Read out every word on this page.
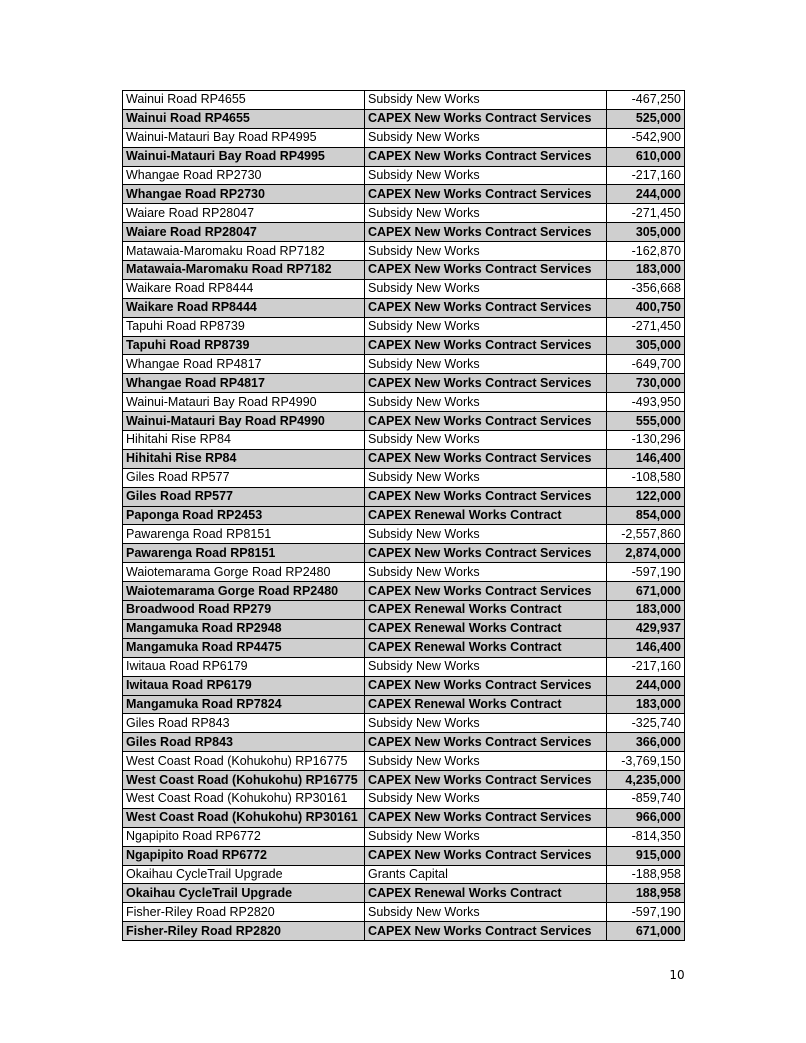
Wainui Road RP4655	Subsidy New Works	-467,250
Wainui Road RP4655	CAPEX New Works Contract Services	525,000
Wainui-Matauri Bay Road RP4995	Subsidy New Works	-542,900
Wainui-Matauri Bay Road RP4995	CAPEX New Works Contract Services	610,000
Whangae Road RP2730	Subsidy New Works	-217,160
Whangae Road RP2730	CAPEX New Works Contract Services	244,000
Waiare Road RP28047	Subsidy New Works	-271,450
Waiare Road RP28047	CAPEX New Works Contract Services	305,000
Matawaia-Maromaku Road RP7182	Subsidy New Works	-162,870
Matawaia-Maromaku Road RP7182	CAPEX New Works Contract Services	183,000
Waikare Road RP8444	Subsidy New Works	-356,668
Waikare Road RP8444	CAPEX New Works Contract Services	400,750
Tapuhi Road RP8739	Subsidy New Works	-271,450
Tapuhi Road RP8739	CAPEX New Works Contract Services	305,000
Whangae Road RP4817	Subsidy New Works	-649,700
Whangae Road RP4817	CAPEX New Works Contract Services	730,000
Wainui-Matauri Bay Road RP4990	Subsidy New Works	-493,950
Wainui-Matauri Bay Road RP4990	CAPEX New Works Contract Services	555,000
Hihitahi Rise RP84	Subsidy New Works	-130,296
Hihitahi Rise RP84	CAPEX New Works Contract Services	146,400
Giles Road RP577	Subsidy New Works	-108,580
Giles Road RP577	CAPEX New Works Contract Services	122,000
Paponga Road RP2453	CAPEX Renewal Works Contract	854,000
Pawarenga Road RP8151	Subsidy New Works	-2,557,860
Pawarenga Road RP8151	CAPEX New Works Contract Services	2,874,000
Waiotemarama Gorge Road RP2480	Subsidy New Works	-597,190
Waiotemarama Gorge Road RP2480	CAPEX New Works Contract Services	671,000
Broadwood Road RP279	CAPEX Renewal Works Contract	183,000
Mangamuka Road RP2948	CAPEX Renewal Works Contract	429,937
Mangamuka Road RP4475	CAPEX Renewal Works Contract	146,400
Iwitaua Road RP6179	Subsidy New Works	-217,160
Iwitaua Road RP6179	CAPEX New Works Contract Services	244,000
Mangamuka Road RP7824	CAPEX Renewal Works Contract	183,000
Giles Road RP843	Subsidy New Works	-325,740
Giles Road RP843	CAPEX New Works Contract Services	366,000
West Coast Road (Kohukohu) RP16775	Subsidy New Works	-3,769,150
West Coast Road (Kohukohu) RP16775	CAPEX New Works Contract Services	4,235,000
West Coast Road (Kohukohu) RP30161	Subsidy New Works	-859,740
West Coast Road (Kohukohu) RP30161	CAPEX New Works Contract Services	966,000
Ngapipito Road RP6772	Subsidy New Works	-814,350
Ngapipito Road RP6772	CAPEX New Works Contract Services	915,000
Okaihau CycleTrail Upgrade	Grants Capital	-188,958
Okaihau CycleTrail Upgrade	CAPEX Renewal Works Contract	188,958
Fisher-Riley Road RP2820	Subsidy New Works	-597,190
Fisher-Riley Road RP2820	CAPEX New Works Contract Services	671,000
10
